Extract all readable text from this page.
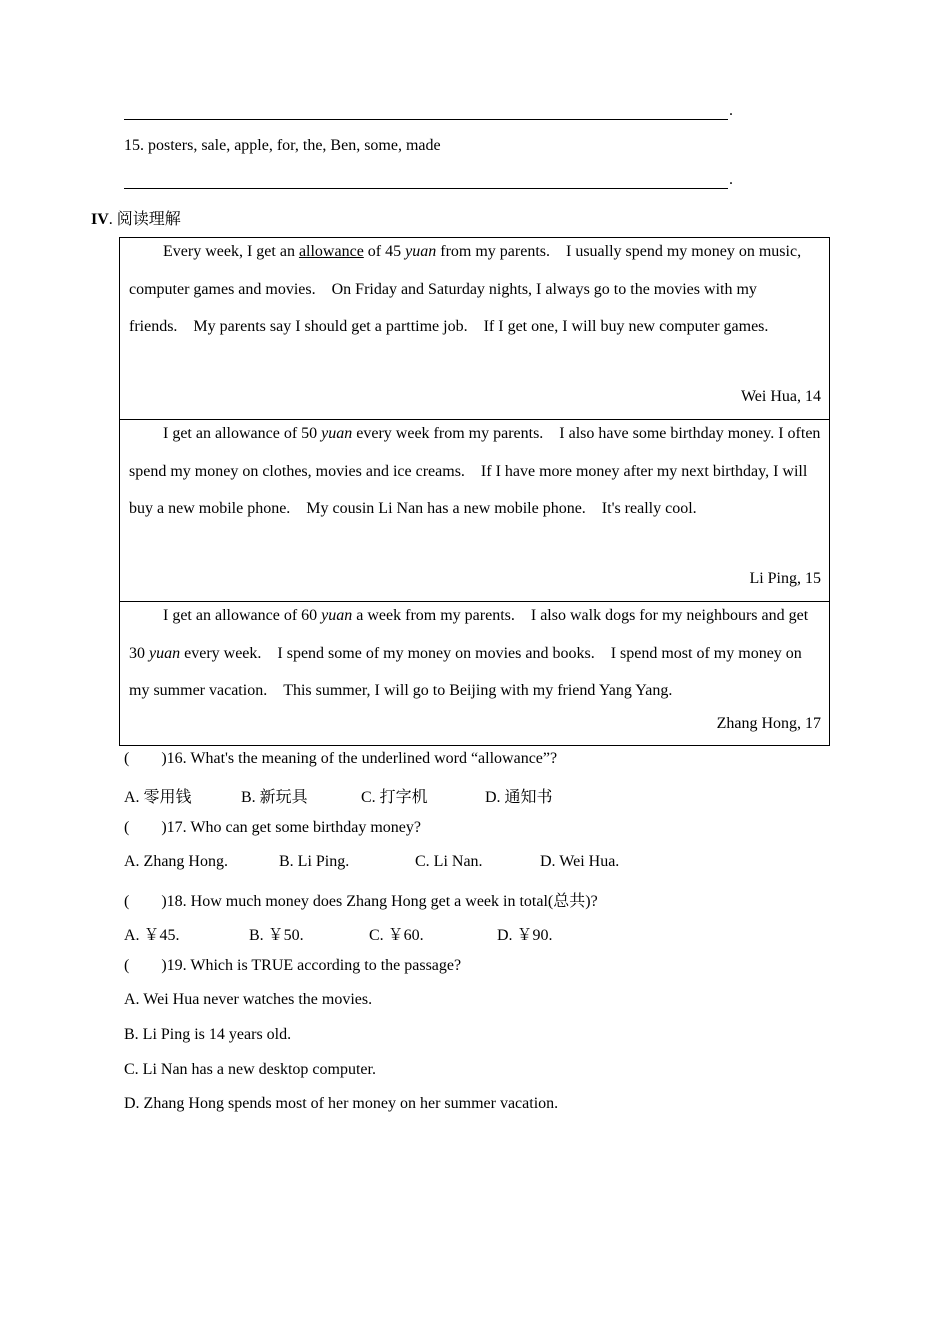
.
15. posters, sale, apple, for, the, Ben, some, made
.
IV. 阅读理解
Every week, I get an allowance of 45 yuan from my parents. I usually spend my money on music, computer games and movies. On Friday and Saturday nights, I always go to the movies with my friends. My parents say I should get a parttime job. If I get one, I will buy new computer games.
Wei Hua, 14
I get an allowance of 50 yuan every week from my parents. I also have some birthday money. I often spend my money on clothes, movies and ice creams. If I have more money after my next birthday, I will buy a new mobile phone. My cousin Li Nan has a new mobile phone. It's really cool.
Li Ping, 15
I get an allowance of 60 yuan a week from my parents. I also walk dogs for my neighbours and get 30 yuan every week. I spend some of my money on movies and books. I spend most of my money on my summer vacation. This summer, I will go to Beijing with my friend Yang Yang.
Zhang Hong, 17
(  )16. What's the meaning of the underlined word “allowance”?
A. 零用钱	B. 新玩具	C. 打字机	D. 通知书
(  )17. Who can get some birthday money?
A. Zhang Hong.	B. Li Ping.	C. Li Nan.	D. Wei Hua.
(  )18. How much money does Zhang Hong get a week in total(总共)?
A. ￥45.	B. ￥50.	C. ￥60.	D. ￥90.
(  )19. Which is TRUE according to the passage?
A. Wei Hua never watches the movies.
B. Li Ping is 14 years old.
C. Li Nan has a new desktop computer.
D. Zhang Hong spends most of her money on her summer vacation.
